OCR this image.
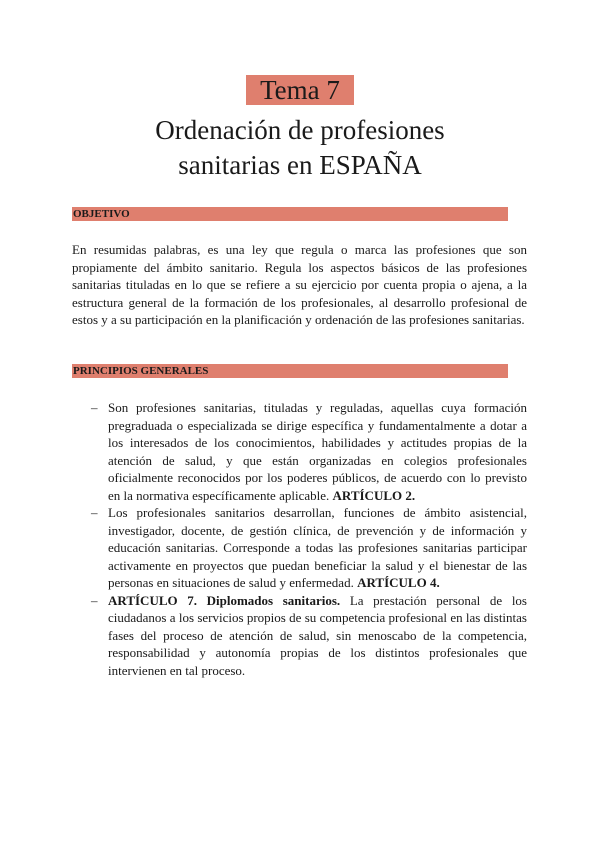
Tema 7
Ordenación de profesiones
sanitarias en ESPAÑA
OBJETIVO

En resumidas palabras, es una ley que regula o marca las profesiones que son propiamente del ámbito sanitario. Regula los aspectos básicos de las profesiones sanitarias tituladas en lo que se refiere a su ejercicio por cuenta propia o ajena, a la estructura general de la formación de los profesionales, al desarrollo profesional de estos y a su participación en la planificación y ordenación de las profesiones sanitarias.

PRINCIPIOS GENERALES
– Son profesiones sanitarias, tituladas y reguladas, aquellas cuya formación pregraduada o especializada se dirige específica y fundamentalmente a dotar a los interesados de los conocimientos, habilidades y actitudes propias de la atención de salud, y que están organizadas en colegios profesionales oficialmente reconocidos por los poderes públicos, de acuerdo con lo previsto en la normativa específicamente aplicable. ARTÍCULO 2.
– Los profesionales sanitarios desarrollan, funciones de ámbito asistencial, investigador, docente, de gestión clínica, de prevención y de información y educación sanitarias. Corresponde a todas las profesiones sanitarias participar activamente en proyectos que puedan beneficiar la salud y el bienestar de las personas en situaciones de salud y enfermedad. ARTÍCULO 4.
– ARTÍCULO 7. Diplomados sanitarios. La prestación personal de los ciudadanos a los servicios propios de su competencia profesional en las distintas fases del proceso de atención de salud, sin menoscabo de la competencia, responsabilidad y autonomía propias de los distintos profesionales que intervienen en tal proceso.
